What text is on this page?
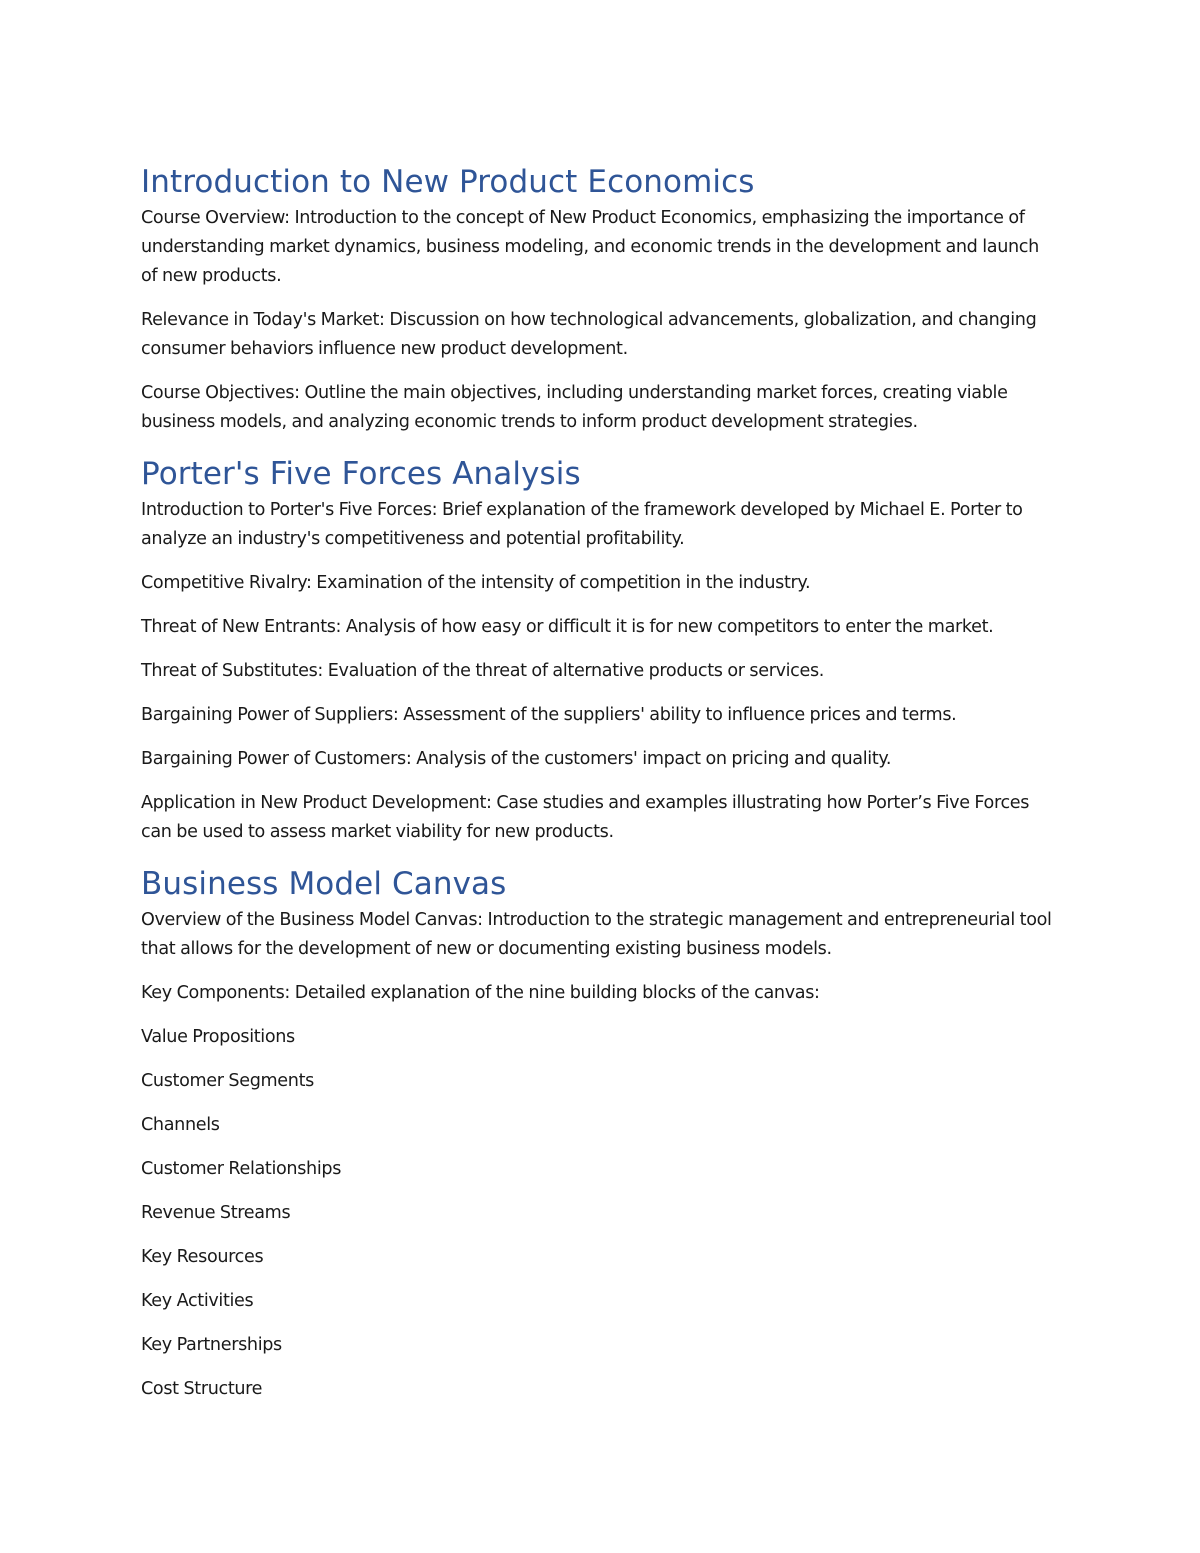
Introduction to New Product Economics

Course Overview: Introduction to the concept of New Product Economics, emphasizing the importance of understanding market dynamics, business modeling, and economic trends in the development and launch of new products.

Relevance in Today's Market: Discussion on how technological advancements, globalization, and changing consumer behaviors influence new product development.

Course Objectives: Outline the main objectives, including understanding market forces, creating viable business models, and analyzing economic trends to inform product development strategies.

Porter's Five Forces Analysis

Introduction to Porter's Five Forces: Brief explanation of the framework developed by Michael E. Porter to analyze an industry's competitiveness and potential profitability.

Competitive Rivalry: Examination of the intensity of competition in the industry.

Threat of New Entrants: Analysis of how easy or difficult it is for new competitors to enter the market.

Threat of Substitutes: Evaluation of the threat of alternative products or services.

Bargaining Power of Suppliers: Assessment of the suppliers' ability to influence prices and terms.

Bargaining Power of Customers: Analysis of the customers' impact on pricing and quality.

Application in New Product Development: Case studies and examples illustrating how Porter’s Five Forces can be used to assess market viability for new products.

Business Model Canvas

Overview of the Business Model Canvas: Introduction to the strategic management and entrepreneurial tool that allows for the development of new or documenting existing business models.

Key Components: Detailed explanation of the nine building blocks of the canvas:

Value Propositions

Customer Segments

Channels

Customer Relationships

Revenue Streams

Key Resources

Key Activities

Key Partnerships

Cost Structure
